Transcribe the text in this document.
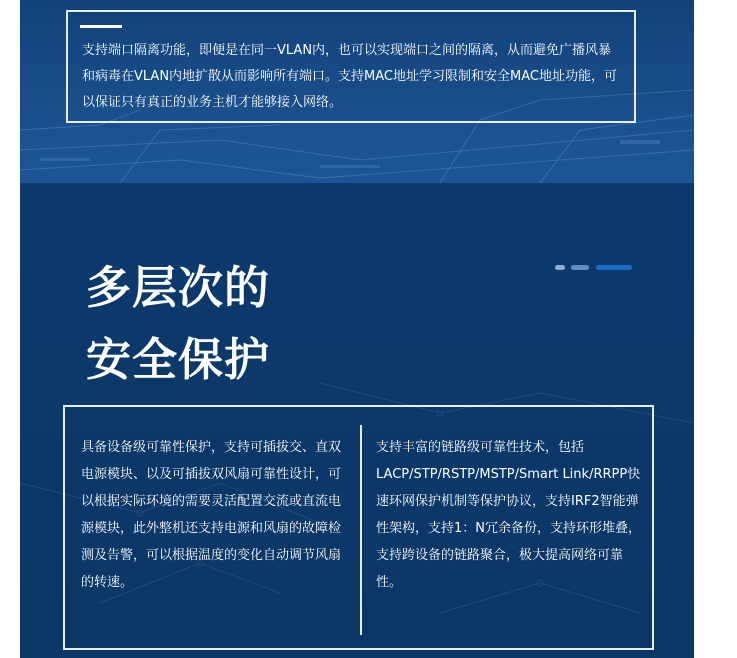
支持端口隔离功能，即便是在同一VLAN内，也可以实现端口之间的隔离，从而避免广播风暴和病毒在VLAN内地扩散从而影响所有端口。支持MAC地址学习限制和安全MAC地址功能，可以保证只有真正的业务主机才能够接入网络。

多层次的
安全保护

具备设备级可靠性保护，支持可插拔交、直双电源模块、以及可插拔双风扇可靠性设计，可以根据实际环境的需要灵活配置交流或直流电源模块，此外整机还支持电源和风扇的故障检测及告警，可以根据温度的变化自动调节风扇的转速。

支持丰富的链路级可靠性技术，包括LACP/STP/RSTP/MSTP/Smart Link/RRPP快速环网保护机制等保护协议，支持IRF2智能弹性架构，支持1：N冗余备份，支持环形堆叠，支持跨设备的链路聚合，极大提高网络可靠性。
